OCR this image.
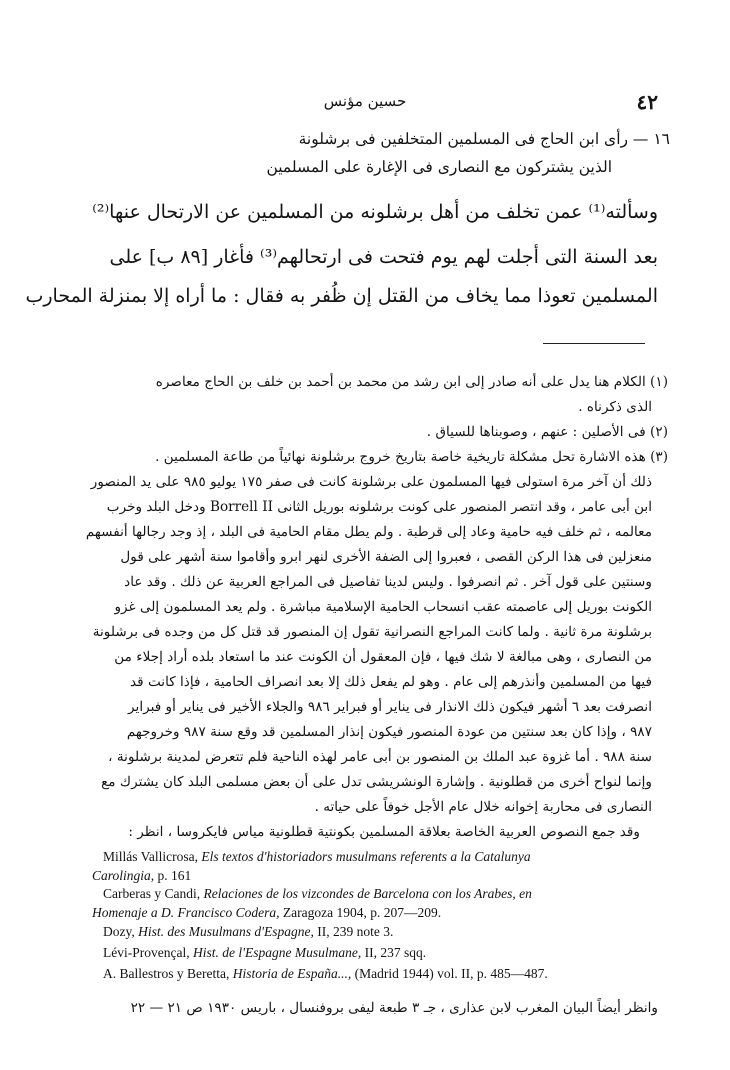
٤٢
حسين مؤنس
١٦ — رأى ابن الحاج فى المسلمين المتخلفين فى برشلونة
الذين يشتركون مع النصارى فى الإغارة على المسلمين
وسألته⁽¹⁾ عمن تخلف من أهل برشلونه من المسلمين عن الارتحال عنها⁽²⁾
بعد السنة التى أجلت لهم يوم فتحت فى ارتحالهم⁽³⁾ فأغار [٨٩ ب] على
المسلمين تعوذا مما يخاف من القتل إن ظُفر به فقال : ما أراه إلا بمنزلة المحارب
(١) الكلام هنا يدل على أنه صادر إلى ابن رشد من محمد بن أحمد بن خلف بن الحاج معاصره
الذى ذكرناه .
(٢) فى الأصلين : عنهم ، وصوبناها للسياق .
(٣) هذه الاشارة تحل مشكلة تاريخية خاصة بتاريخ خروج برشلونة نهائياً من طاعة المسلمين .
ذلك أن آخر مرة استولى فيها المسلمون على برشلونة كانت فى صفر ١٧٥ يوليو ٩٨٥ على يد المنصور
ابن أبى عامر ، وقد انتصر المنصور على كونت برشلونه بوريل الثانى Borrell II ودخل البلد وخرب
معالمه ، ثم خلف فيه حامية وعاد إلى قرطبة . ولم يطل مقام الحامية فى البلد ، إذ وجد رجالها أنفسهم
منعزلين فى هذا الركن القصى ، فعبروا إلى الضفة الأخرى لنهر ابرو وأقاموا سنة أشهر على قول
وسنتين على قول آخر . ثم انصرفوا . وليس لدينا تفاصيل فى المراجع العربية عن ذلك . وقد عاد
الكونت بوريل إلى عاصمته عقب انسحاب الحامية الإسلامية مباشرة . ولم يعد المسلمون إلى غزو
برشلونة مرة ثانية . ولما كانت المراجع النصرانية تقول إن المنصور قد قتل كل من وجده فى برشلونة
من النصارى ، وهى مبالغة لا شك فيها ، فإن المعقول أن الكونت عند ما استعاد بلده أراد إجلاء من
فيها من المسلمين وأنذرهم إلى عام . وهو لم يفعل ذلك إلا بعد انصراف الحامية ، فإذا كانت قد
انصرفت بعد ٦ أشهر فيكون ذلك الانذار فى يناير أو فبراير ٩٨٦ والجلاء الأخير فى يناير أو فبراير
٩٨٧ ، وإذا كان بعد سنتين من عودة المنصور فيكون إنذار المسلمين قد وقع سنة ٩٨٧ وخروجهم
سنة ٩٨٨ . أما غزوة عبد الملك بن المنصور بن أبى عامر لهذه الناحية فلم تتعرض لمدينة برشلونة ،
وإنما لنواح أخرى من قطلونية . وإشارة الونشريشى تدل على أن بعض مسلمى البلد كان يشترك مع
النصارى فى محاربة إخوانه خلال عام الأجل خوفاً على حياته .
وقد جمع النصوص العربية الخاصة بعلاقة المسلمين بكونتية قطلونية مياس فايكروسا ، انظر :
Millás Vallicrosa, Els textos d'historiadors musulmans referents a la Catalunya
Carolingia, p. 161
Carberas y Candi, Relaciones de los vizcondes de Barcelona con los Arabes, en
Homenaje a D. Francisco Codera, Zaragoza 1904, p. 207—209.
Dozy, Hist. des Musulmans d'Espagne, II, 239 note 3.
Lévi-Provençal, Hist. de l'Espagne Musulmane, II, 237 sqq.
A. Ballestros y Beretta, Historia de España..., (Madrid 1944) vol. II, p. 485—487.
وانظر أيضاً البيان المغرب لابن عذارى ، جـ ٣ طبعة ليفى بروفنسال ، باريس ١٩٣٠ ص ٢١ — ٢٢
